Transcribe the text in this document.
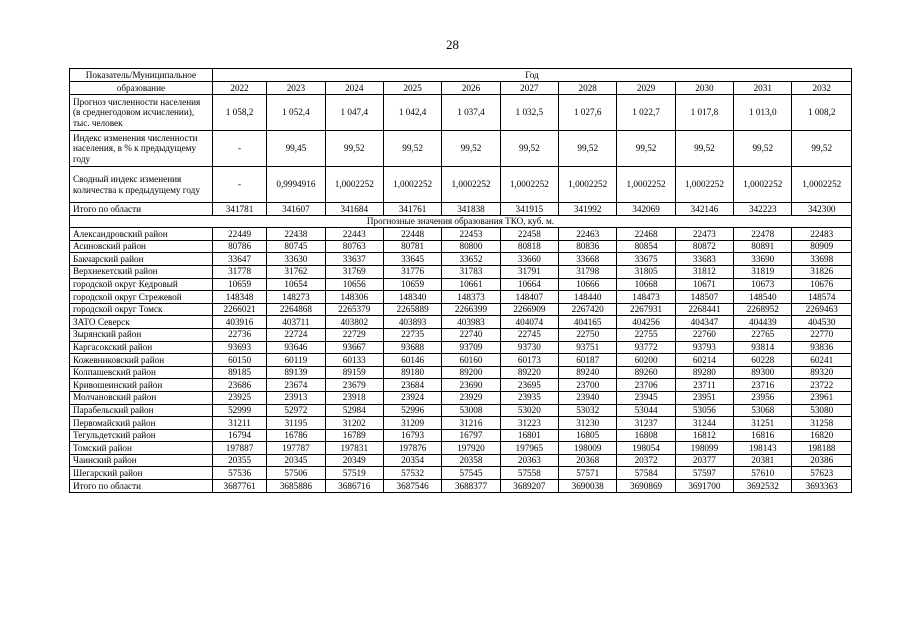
28
Показатель/Муниципальное	Год										
образование	2022	2023	2024	2025	2026	2027	2028	2029	2030	2031	2032
Прогноз численности населения (в среднегодовом исчислении), тыс. человек	1 058,2	1 052,4	1 047,4	1 042,4	1 037,4	1 032,5	1 027,6	1 022,7	1 017,8	1 013,0	1 008,2
Индекс изменения численности населения, в % к предыдущему году	-	99,45	99,52	99,52	99,52	99,52	99,52	99,52	99,52	99,52	99,52
Сводный индекс изменения количества к предыдущему году	-	0,9994916	1,0002252	1,0002252	1,0002252	1,0002252	1,0002252	1,0002252	1,0002252	1,0002252	1,0002252
Итого по области	341781	341607	341684	341761	341838	341915	341992	342069	342146	342223	342300
Прогнозные значения образования ТКО, куб. м.											
Александровский район	22449	22438	22443	22448	22453	22458	22463	22468	22473	22478	22483
Асиновский район	80786	80745	80763	80781	80800	80818	80836	80854	80872	80891	80909
Бакчарский район	33647	33630	33637	33645	33652	33660	33668	33675	33683	33690	33698
Верхнекетский район	31778	31762	31769	31776	31783	31791	31798	31805	31812	31819	31826
городской округ Кедровый	10659	10654	10656	10659	10661	10664	10666	10668	10671	10673	10676
городской округ Стрежевой	148348	148273	148306	148340	148373	148407	148440	148473	148507	148540	148574
городской округ Томск	2266021	2264868	2265379	2265889	2266399	2266909	2267420	2267931	2268441	2268952	2269463
ЗАТО Северск	403916	403711	403802	403893	403983	404074	404165	404256	404347	404439	404530
Зырянский район	22736	22724	22729	22735	22740	22745	22750	22755	22760	22765	22770
Каргасокский район	93693	93646	93667	93688	93709	93730	93751	93772	93793	93814	93836
Кожевниковский район	60150	60119	60133	60146	60160	60173	60187	60200	60214	60228	60241
Колпашевский район	89185	89139	89159	89180	89200	89220	89240	89260	89280	89300	89320
Кривошеинский район	23686	23674	23679	23684	23690	23695	23700	23706	23711	23716	23722
Молчановский район	23925	23913	23918	23924	23929	23935	23940	23945	23951	23956	23961
Парабельский район	52999	52972	52984	52996	53008	53020	53032	53044	53056	53068	53080
Первомайский район	31211	31195	31202	31209	31216	31223	31230	31237	31244	31251	31258
Тегульдетский район	16794	16786	16789	16793	16797	16801	16805	16808	16812	16816	16820
Томский район	197887	197787	197831	197876	197920	197965	198009	198054	198099	198143	198188
Чаинский район	20355	20345	20349	20354	20358	20363	20368	20372	20377	20381	20386
Шегарский район	57536	57506	57519	57532	57545	57558	57571	57584	57597	57610	57623
Итого по области	3687761	3685886	3686716	3687546	3688377	3689207	3690038	3690869	3691700	3692532	3693363
